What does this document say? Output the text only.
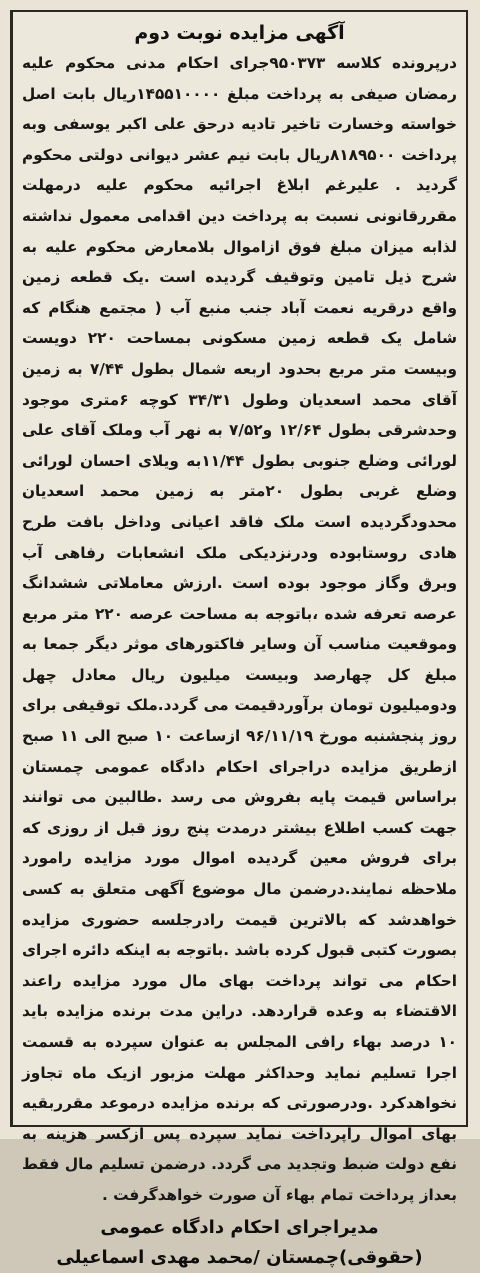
آگهی مزایده نوبت دوم
درپرونده کلاسه ۹۵۰۳۷۳جرای احکام مدنی محکوم علیه رمضان صیفی به پرداخت مبلغ ۱۴۵۵۱۰۰۰۰ریال بابت اصل خواسته وخسارت تاخیر تادیه درحق علی اکبر یوسفی وبه پرداخت ۸۱۸۹۵۰۰ریال بابت نیم عشر دیوانی دولتی محکوم گردید . علیرغم ابلاغ اجرائیه محکوم علیه درمهلت مقررقانونی نسبت به پرداخت دین اقدامی معمول نداشته لذابه میزان مبلغ فوق ازاموال بلامعارض محکوم علیه به شرح ذیل تامین وتوقیف گردیده است .یک قطعه زمین واقع درقریه نعمت آباد جنب منبع آب ( مجتمع هنگام که شامل یک قطعه زمین مسکونی بمساحت ۲۲۰ دویست وبیست متر مربع بحدود اربعه شمال بطول ۷/۴۴ به زمین آقای محمد اسعدیان وطول ۳۴/۳۱ کوچه ۶متری موجود وحدشرقی بطول ۱۲/۶۴ و۷/۵۲ به نهر آب وملک آقای علی لورائی وضلع جنوبی بطول ۱۱/۴۴به ویلای احسان لورائی وضلع غربی بطول ۲۰متر به زمین محمد اسعدیان محدودگردیده است ملک فاقد اعیانی وداخل بافت طرح هادی روستابوده ودرنزدیکی ملک انشعابات رفاهی آب وبرق وگاز موجود بوده است .ارزش معاملاتی ششدانگ عرصه تعرفه شده ،باتوجه به مساحت عرصه ۲۲۰ متر مربع وموقعیت مناسب آن وسایر فاکتورهای موثر دیگر جمعا به مبلغ کل چهارصد وبیست میلیون ریال معادل چهل ودومیلیون تومان برآوردقیمت می گردد.ملک توقیفی برای روز پنجشنبه مورخ ۹۶/۱۱/۱۹ ازساعت ۱۰ صبح الی ۱۱ صبح ازطریق مزایده دراجرای احکام دادگاه عمومی چمستان براساس قیمت پایه بفروش می رسد .طالبین می توانند جهت کسب اطلاع بیشتر درمدت پنج روز قبل از روزی که برای فروش معین گردیده اموال مورد مزایده رامورد ملاحظه نمایند.درضمن مال موضوع آگهی متعلق به کسی خواهدشد که بالاترین قیمت رادرجلسه حضوری مزایده بصورت کتبی قبول کرده باشد .باتوجه به اینکه دائره اجرای احکام می تواند پرداخت بهای مال مورد مزایده راعند الاقتضاء به وعده قراردهد. دراین مدت برنده مزایده باید ۱۰ درصد بهاء رافی المجلس به عنوان سپرده به قسمت اجرا تسلیم نماید وحداکثر مهلت مزبور ازیک ماه تجاوز نخواهدکرد .ودرصورتی که برنده مزایده درموعد مقرربقیه بهای اموال راپرداخت نماید سپرده پس ازکسر هزینه به نفع دولت ضبط وتجدید می گردد. درضمن تسلیم مال فقط بعداز پرداخت تمام بهاء آن صورت خواهدگرفت .
مدیراجرای احکام دادگاه عمومی (حقوقی)چمستان /محمد مهدی اسماعیلی
